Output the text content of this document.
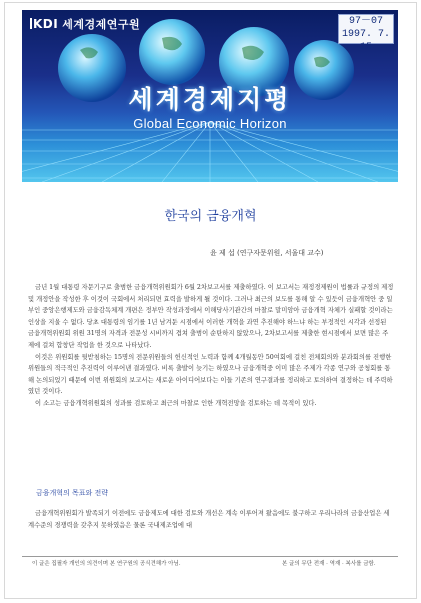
KDI 세계경제연구원	97－07
1997. 7. 15
세계경제지평
Global Economic Horizon
한국의 금융개혁
윤 제 섭 (연구자문위원, 서울대 교수)

금년 1월 대통령 자문기구로 출범한 금융개혁위원회가 6월 2차보고서를 제출하였다. 이 보고서는 재정경제원이 법률과 규정의 제정 및 개정안을 작성한 후 이것이 국회에서 처리되면 효력을 발하게 될 것이다. 그러나 최근의 보도를 통해 알 수 있듯이 금융개혁안 중 일부인 중앙은행제도와 금융감독체계 개편은 정부안 작성과정에서 이해당사기관간의 마찰로 말미암아 금융개혁 자체가 실패할 것이라는 인상을 지울 수 없다. 당초 대통령의 임기를 1년 남겨둔 시점에서 이러한 개혁을 과연 추진해야 하느냐 하는 부정적인 시각과 선정된 금융개혁위원회 위원 31명의 자격과 전문성 시비까지 겹쳐 출범이 순탄하지 않았으나, 2차보고서를 제출한 현시점에서 보면 많은 주제에 걸쳐 합창단 작업을 한 것으로 나타났다.

이것은 위원회를 뒷받침하는 15명의 전문위원들의 헌신적인 노력과 함께 4개월동안 50여회에 걸친 전체회의와 분과회의를 진행한 위원들의 적극적인 추진력이 이루어낸 결과였다. 비록 출발이 늦기는 하였으나 금융개혁중 이미 많은 주제가 각종 연구와 공청회를 통해 논의되었기 때문에 이번 위원회의 보고서는 새로운 아이디어보다는 이들 기존의 연구결과를 정리하고 토의하여 결정하는 데 주력하였던 것이다.

이 소고는 금융개혁위원회의 성과를 검토하고 최근의 마찰로 인한 개혁전망을 검토하는 데 목적이 있다.

금융개혁의 목표와 전략

금융개혁위원회가 발족되기 이전에도 금융제도에 대한 검토와 개선은 계속 이루어져 왔음에도 불구하고 우리나라의 금융산업은 세계수준의 경쟁력을 갖추지 못하였음은 물론 국내제조업에 대

이 글은 집필자 개인의 의견이며 본 연구원의 공식견해가 아님.	본 글의 무단 전재 · 역재 · 복사를 금함.
